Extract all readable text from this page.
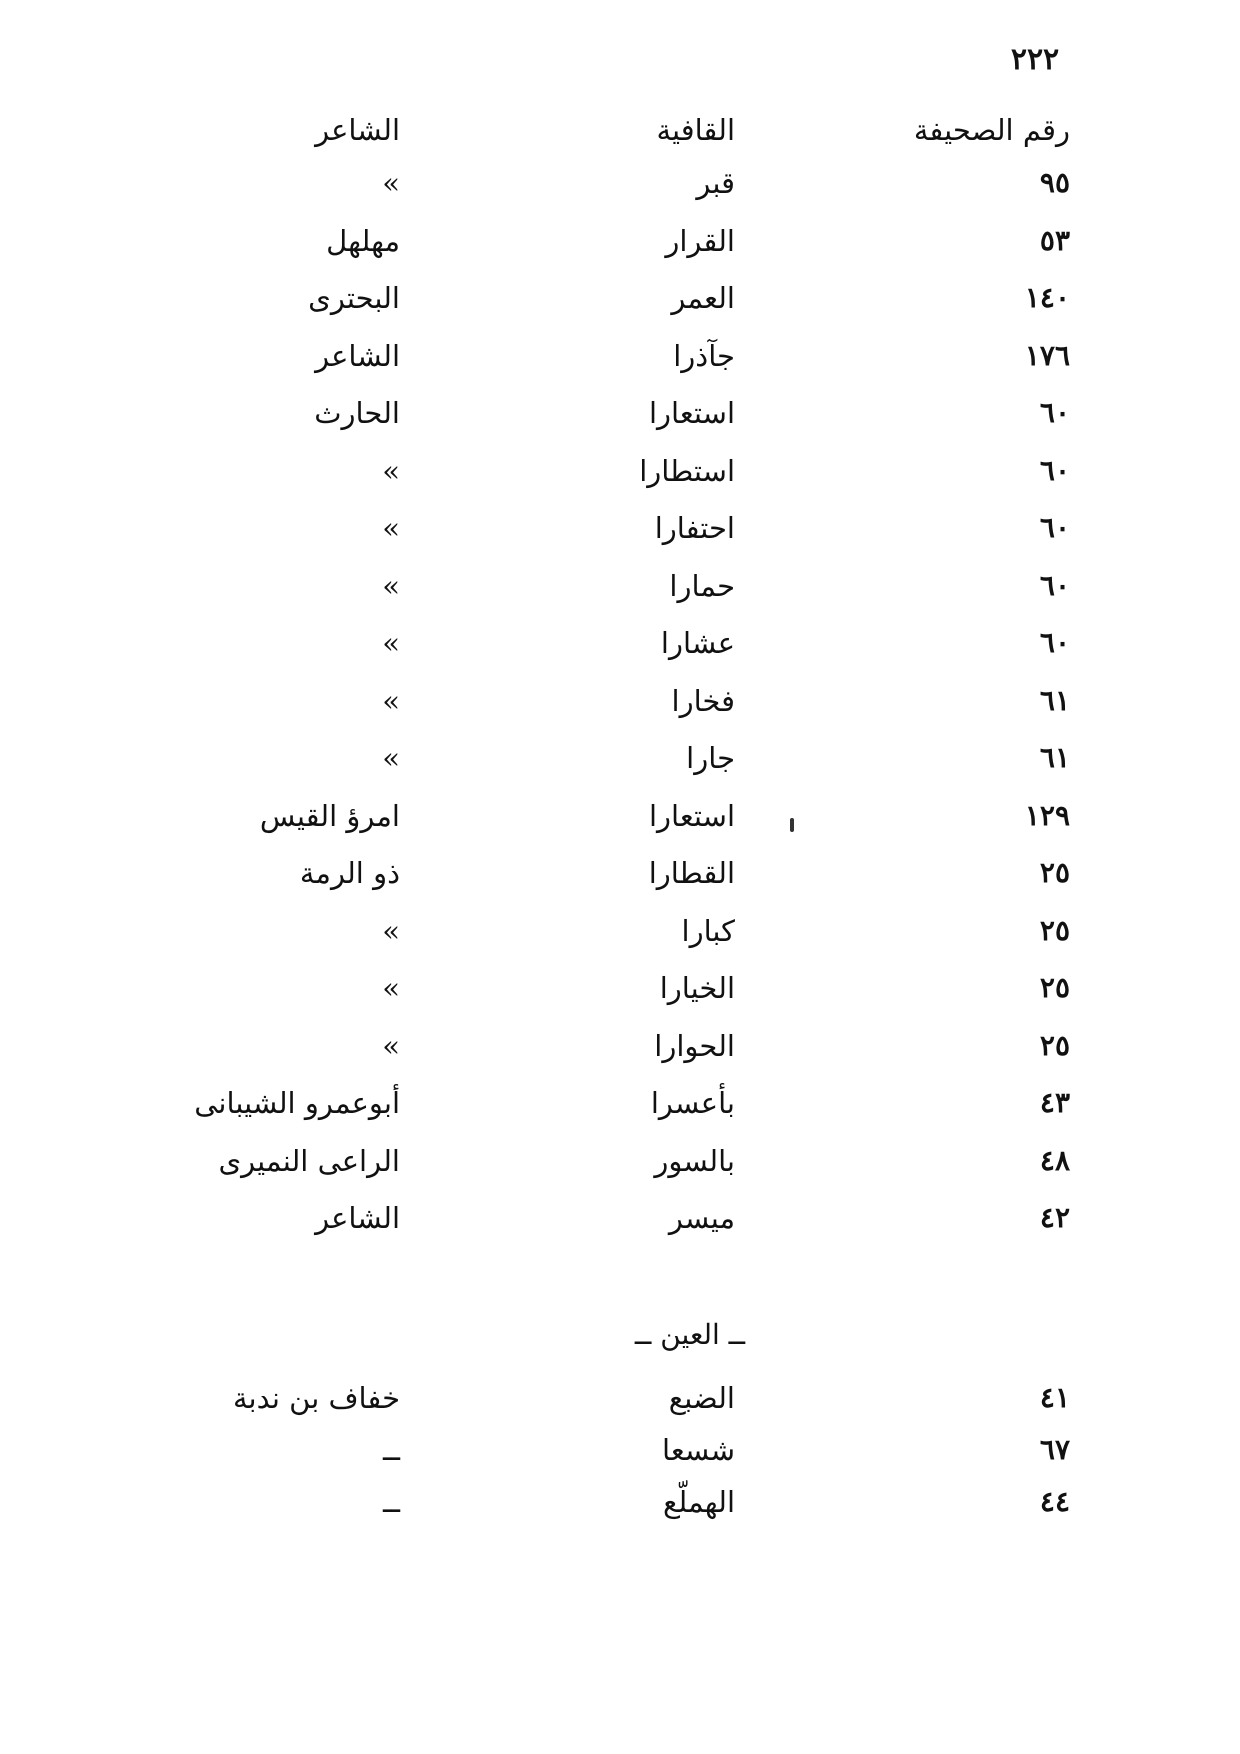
٢٢٢
رقم الصحيفة
القافية
الشاعر
٩٥
قبر
»
٥٣
القرار
مهلهل
١٤٠
العمر
البحترى
١٧٦
جآذرا
الشاعر
٦٠
استعارا
الحارث
٦٠
استطارا
»
٦٠
احتفارا
»
٦٠
حمارا
»
٦٠
عشارا
»
٦١
فخارا
»
٦١
جارا
»
١٢٩
استعارا
امرؤ القيس
٢٥
القطارا
ذو الرمة
٢٥
كبارا
»
٢٥
الخيارا
»
٢٥
الحوارا
»
٤٣
بأعسرا
أبوعمرو الشيبانى
٤٨
بالسور
الراعى النميرى
٤٢
ميسر
الشاعر
ــ العين ــ
٤١
الضبع
خفاف بن ندبة
٦٧
شسعا
ــ
٤٤
الهملّع
ــ
